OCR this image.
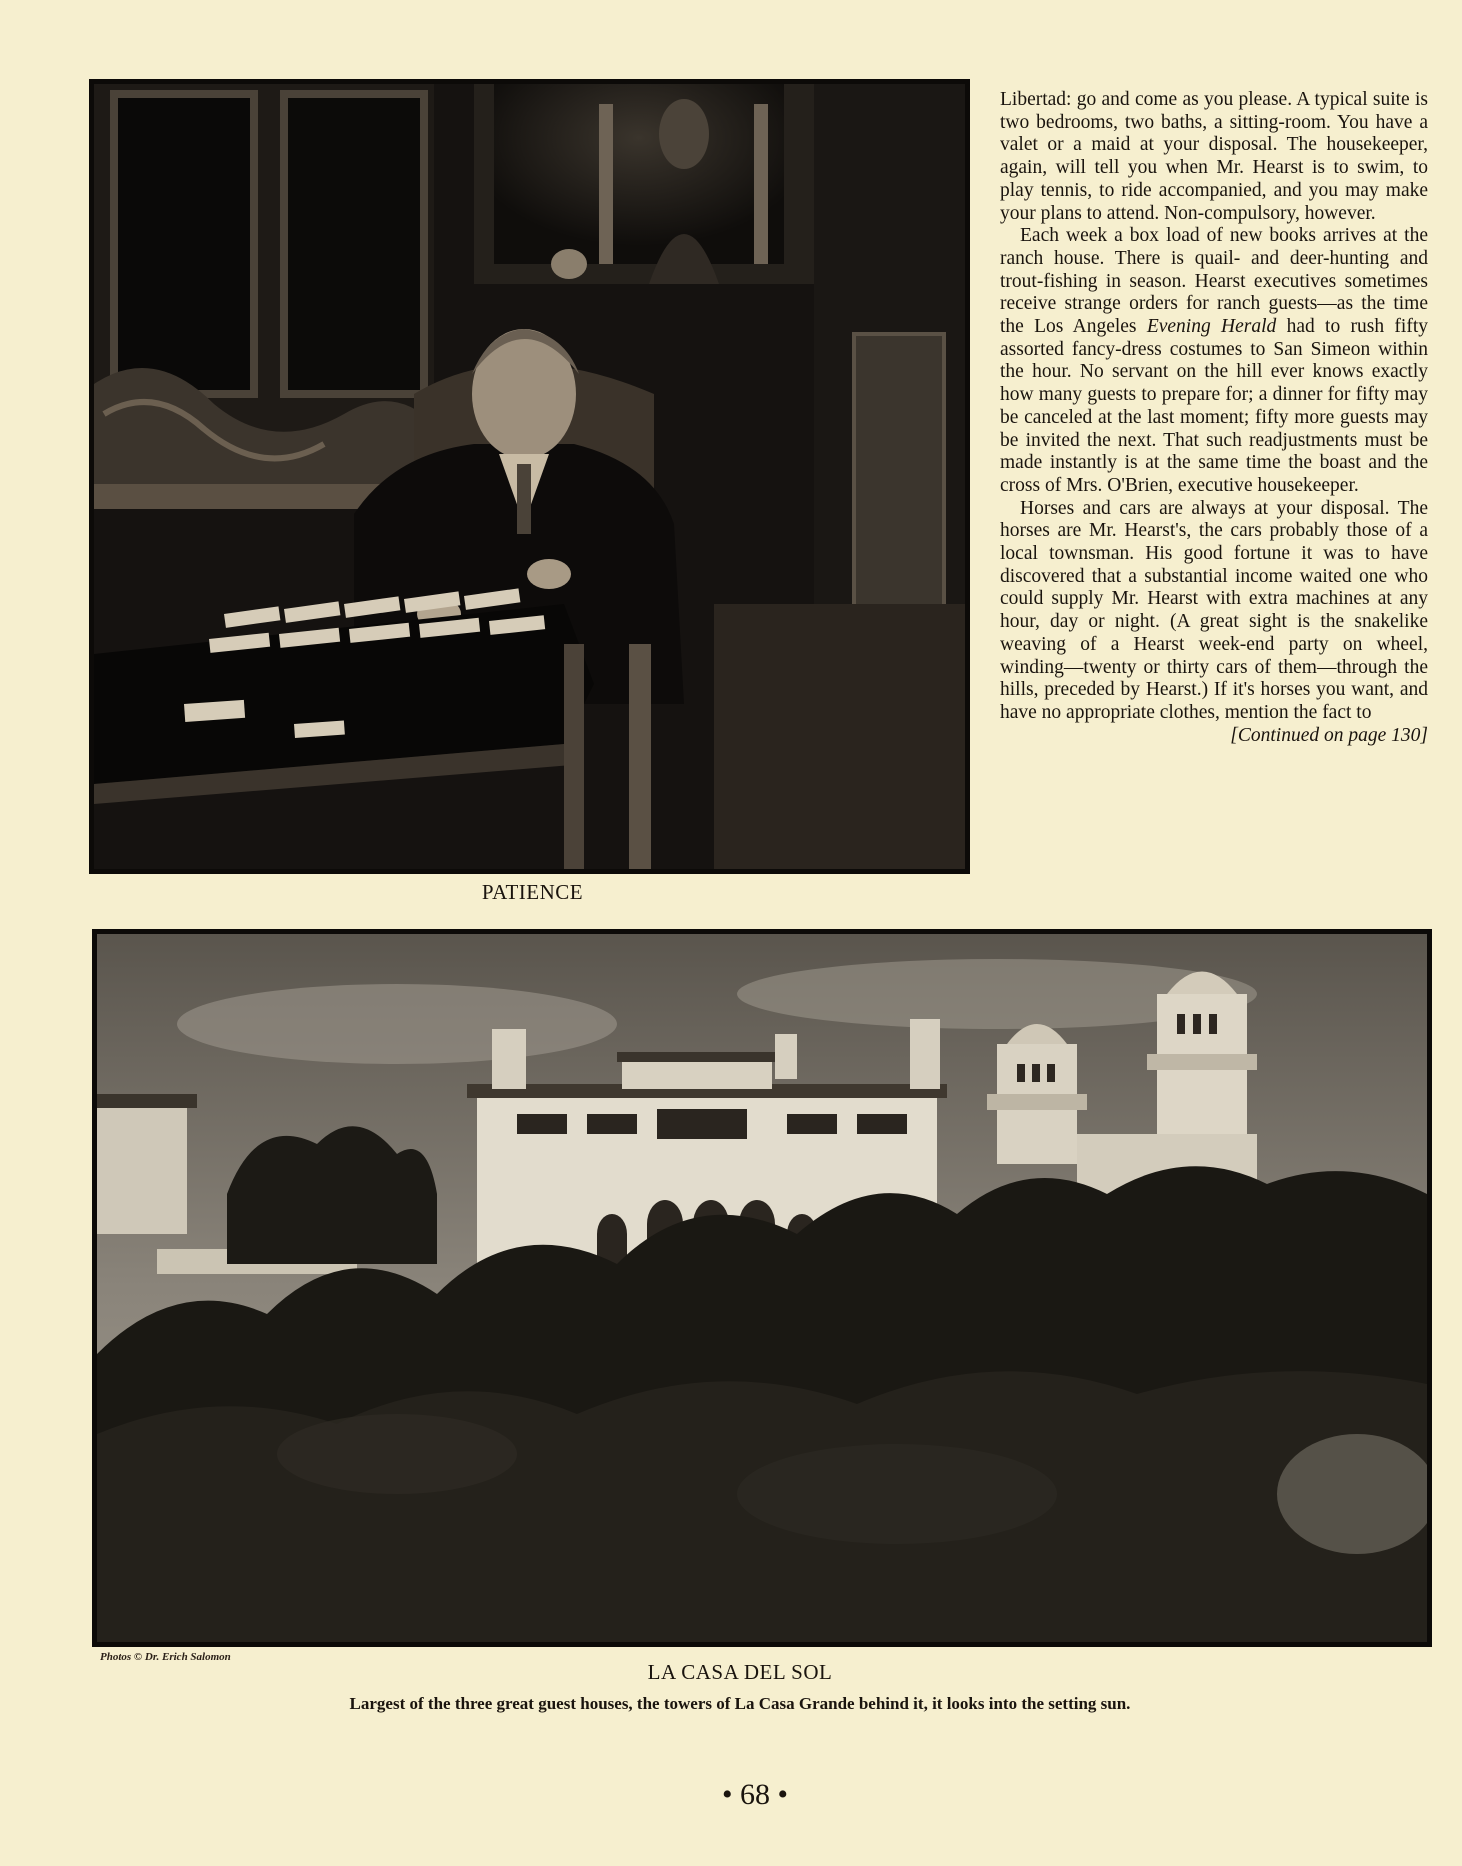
PATIENCE

Libertad: go and come as you please. A typical suite is two bedrooms, two baths, a sitting-room. You have a valet or a maid at your disposal. The housekeeper, again, will tell you when Mr. Hearst is to swim, to play tennis, to ride accompanied, and you may make your plans to attend. Non-compulsory, however.

Each week a box load of new books arrives at the ranch house. There is quail- and deer-hunting and trout-fishing in season. Hearst executives sometimes receive strange orders for ranch guests—as the time the Los Angeles Evening Herald had to rush fifty assorted fancy-dress costumes to San Simeon within the hour. No servant on the hill ever knows exactly how many guests to prepare for; a dinner for fifty may be canceled at the last moment; fifty more guests may be invited the next. That such readjustments must be made instantly is at the same time the boast and the cross of Mrs. O'Brien, executive housekeeper.

Horses and cars are always at your disposal. The horses are Mr. Hearst's, the cars probably those of a local townsman. His good fortune it was to have discovered that a substantial income waited one who could supply Mr. Hearst with extra machines at any hour, day or night. (A great sight is the snakelike weaving of a Hearst week-end party on wheel, winding—twenty or thirty cars of them—through the hills, preceded by Hearst.) If it's horses you want, and have no appropriate clothes, mention the fact to

[Continued on page 130]
Photos © Dr. Erich Salomon
LA CASA DEL SOL
Largest of the three great guest houses, the towers of La Casa Grande behind it, it looks into the setting sun.
• 68 •
